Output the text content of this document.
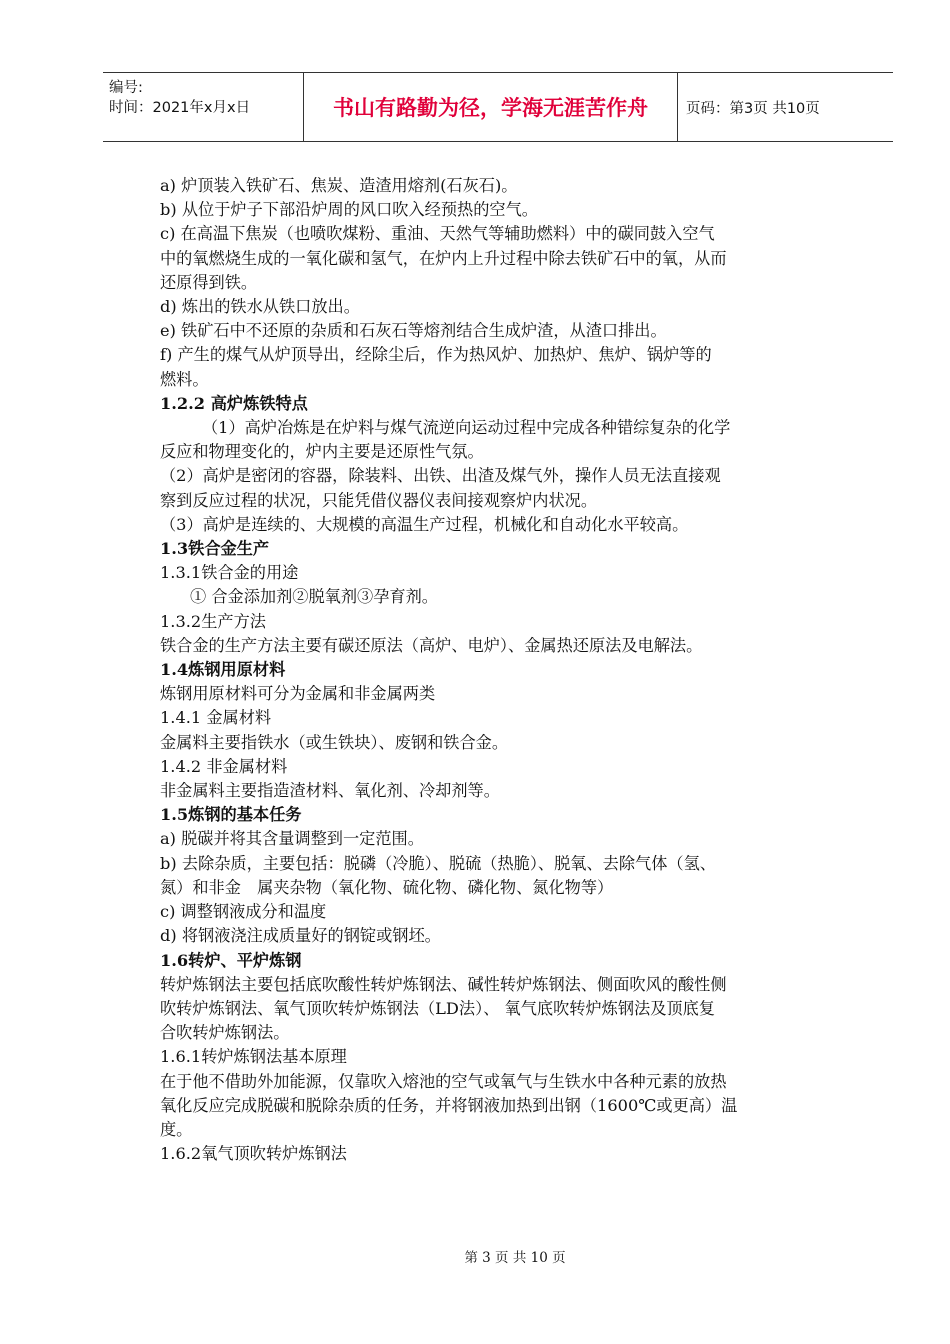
编号:
时间：2021年x月x日	书山有路勤为径，学海无涯苦作舟	页码：第3页 共10页
a) 炉顶装入铁矿石、焦炭、造渣用熔剂(石灰石)。
b) 从位于炉子下部沿炉周的风口吹入经预热的空气。
c) 在高温下焦炭（也喷吹煤粉、重油、天然气等辅助燃料）中的碳同鼓入空气
中的氧燃烧生成的一氧化碳和氢气，在炉内上升过程中除去铁矿石中的氧，从而
还原得到铁。
d) 炼出的铁水从铁口放出。
e) 铁矿石中不还原的杂质和石灰石等熔剂结合生成炉渣，从渣口排出。
f) 产生的煤气从炉顶导出，经除尘后，作为热风炉、加热炉、焦炉、锅炉等的
燃料。
1.2.2 高炉炼铁特点
（1）高炉冶炼是在炉料与煤气流逆向运动过程中完成各种错综复杂的化学
反应和物理变化的，炉内主要是还原性气氛。
（2）高炉是密闭的容器，除装料、出铁、出渣及煤气外，操作人员无法直接观
察到反应过程的状况，只能凭借仪器仪表间接观察炉内状况。
（3）高炉是连续的、大规模的高温生产过程，机械化和自动化水平较高。
1.3铁合金生产
1.3.1铁合金的用途
① 合金添加剂②脱氧剂③孕育剂。
1.3.2生产方法
铁合金的生产方法主要有碳还原法（高炉、电炉）、金属热还原法及电解法。
1.4炼钢用原材料
炼钢用原材料可分为金属和非金属两类
1.4.1 金属材料
金属料主要指铁水（或生铁块）、废钢和铁合金。
1.4.2 非金属材料
非金属料主要指造渣材料、氧化剂、冷却剂等。
1.5炼钢的基本任务
a) 脱碳并将其含量调整到一定范围。
b) 去除杂质，主要包括：脱磷（冷脆）、脱硫（热脆）、脱氧、去除气体（氢、
氮）和非金　属夹杂物（氧化物、硫化物、磷化物、氮化物等）
c) 调整钢液成分和温度
d) 将钢液浇注成质量好的钢锭或钢坯。
1.6转炉、平炉炼钢
转炉炼钢法主要包括底吹酸性转炉炼钢法、碱性转炉炼钢法、侧面吹风的酸性侧
吹转炉炼钢法、氧气顶吹转炉炼钢法（LD法）、 氧气底吹转炉炼钢法及顶底复
合吹转炉炼钢法。
1.6.1转炉炼钢法基本原理
在于他不借助外加能源，仅靠吹入熔池的空气或氧气与生铁水中各种元素的放热
氧化反应完成脱碳和脱除杂质的任务，并将钢液加热到出钢（1600℃或更高）温
度。
1.6.2氧气顶吹转炉炼钢法
第 3 页 共 10 页
